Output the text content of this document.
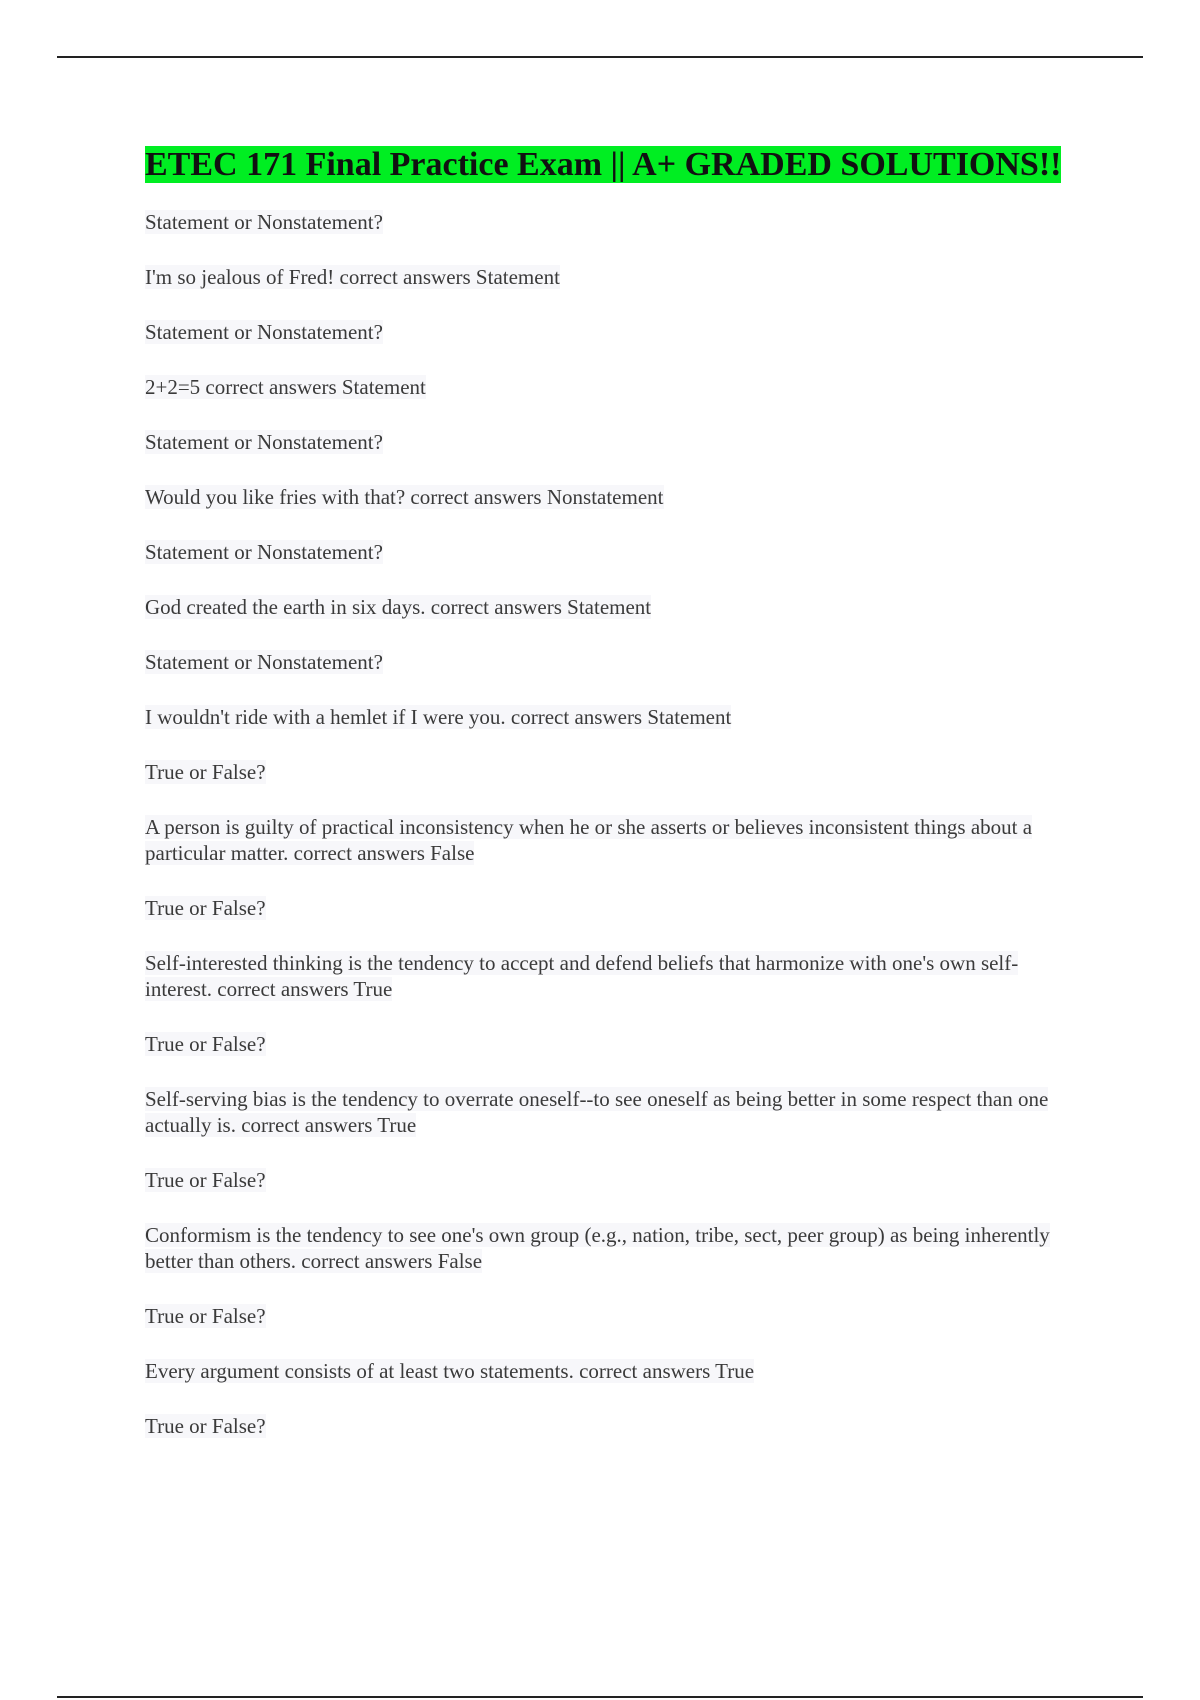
ETEC 171 Final Practice Exam || A+ GRADED SOLUTIONS!!

Statement or Nonstatement?

I'm so jealous of Fred! correct answers Statement

Statement or Nonstatement?

2+2=5 correct answers Statement

Statement or Nonstatement?

Would you like fries with that? correct answers Nonstatement

Statement or Nonstatement?

God created the earth in six days. correct answers Statement

Statement or Nonstatement?

I wouldn't ride with a hemlet if I were you. correct answers Statement

True or False?

A person is guilty of practical inconsistency when he or she asserts or believes inconsistent things about a particular matter. correct answers False

True or False?

Self-interested thinking is the tendency to accept and defend beliefs that harmonize with one's own self-interest. correct answers True

True or False?

Self-serving bias is the tendency to overrate oneself--to see oneself as being better in some respect than one actually is. correct answers True

True or False?

Conformism is the tendency to see one's own group (e.g., nation, tribe, sect, peer group) as being inherently better than others. correct answers False

True or False?

Every argument consists of at least two statements. correct answers True

True or False?
